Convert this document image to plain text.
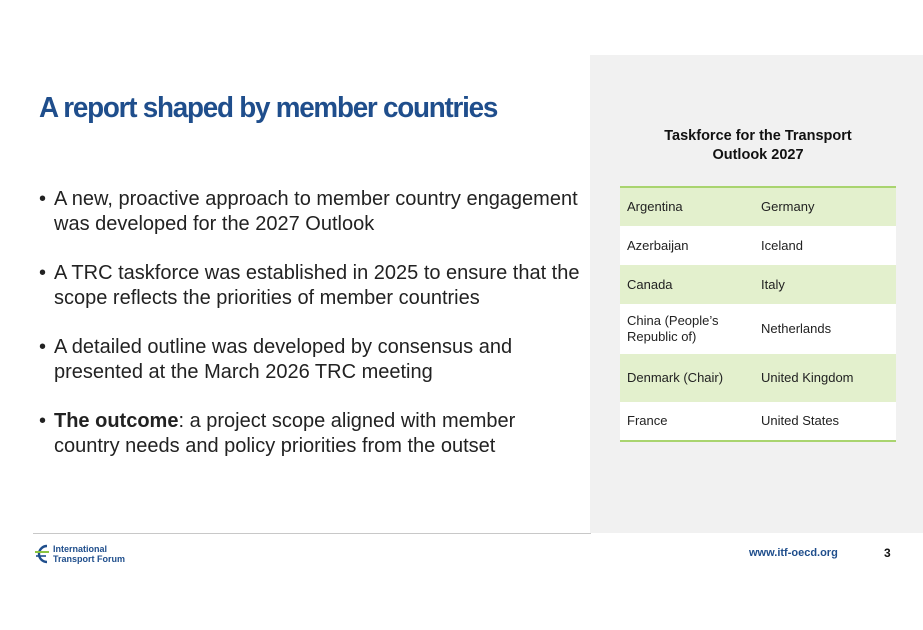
A report shaped by member countries
• A new, proactive approach to member country engagement was developed for the 2027 Outlook
• A TRC taskforce was established in 2025 to ensure that the scope reflects the priorities of member countries
• A detailed outline was developed by consensus and presented at the March 2026 TRC meeting
• The outcome: a project scope aligned with member country needs and policy priorities from the outset
Taskforce for the Transport
Outlook 2027
Argentina	Germany
Azerbaijan	Iceland
Canada	Italy
China (People’s Republic of)	Netherlands
Denmark (Chair)	United Kingdom
France	United States
International
Transport Forum	www.itf-oecd.org	3
